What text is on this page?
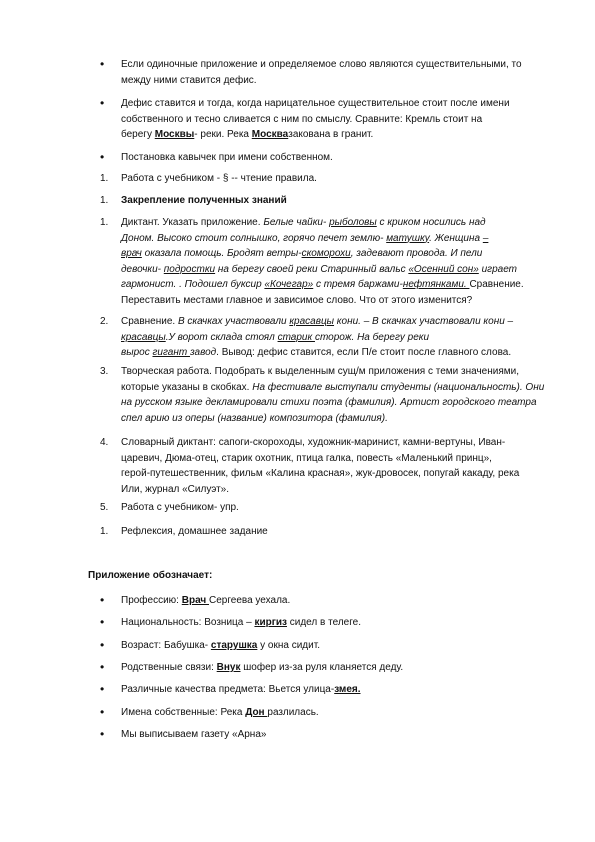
•
Если одиночные приложение и определяемое слово являются существительными, то
между ними ставится дефис.
•
Дефис ставится и тогда, когда нарицательное существительное стоит после имени
собственного и тесно сливается с ним по смыслу. Сравните: Кремль стоит на
берегу Москвы- реки. Река Москвазакована в гранит.
•
Постановка кавычек при имени собственном.
1. Работа с учебником - § -- чтение правила.
1. Закрепление полученных знаний
1. Диктант. Указать приложение. Белые чайки- рыболовы с криком носились над
Доном. Высоко стоит солнышко, горячо печет землю- матушку. Женщина –
врач оказала помощь. Бродят ветры-скоморохи, задевают провода. И пели
девочки- подростки на берегу своей реки Старинный вальс «Осенний сон» играет
гармонист. . Подошел буксир «Кочегар» с тремя баржами-нефтянками. Сравнение.
Переставить местами главное и зависимое слово. Что от этого изменится?
2. Сравнение. В скачках участвовали красавцы кони. – В скачках участвовали кони –
красавцы.У ворот склада стоял старик сторож. На берегу реки
вырос гигант завод. Вывод: дефис ставится, если П/е стоит после главного слова.
3. Творческая работа. Подобрать к выделенным сущ/м приложения с теми значениями,
которые указаны в скобках. На фестивале выступали студенты (национальность). Они
на русском языке декламировали стихи поэта (фамилия). Артист городского театра
спел арию из оперы (название) композитора (фамилия).
4. Словарный диктант: сапоги-скороходы, художник-маринист, камни-вертуны, Иван-
царевич, Дюма-отец, старик охотник, птица галка, повесть «Маленький принц»,
герой-путешественник, фильм «Калина красная», жук-дровосек, попугай какаду, река
Или, журнал «Силуэт».
5. Работа с учебником- упр.
1. Рефлексия, домашнее задание
Приложение обозначает:
•
Профессию: Врач Сергеева уехала.
•
Национальность: Возница – киргиз сидел в телеге.
•
Возраст: Бабушка- старушка у окна сидит.
•
Родственные связи: Внук шофер из-за руля кланяется деду.
•
Различные качества предмета: Вьется улица-змея.
•
Имена собственные: Река Дон разлилась.
•
Мы выписываем газету «Арна»
